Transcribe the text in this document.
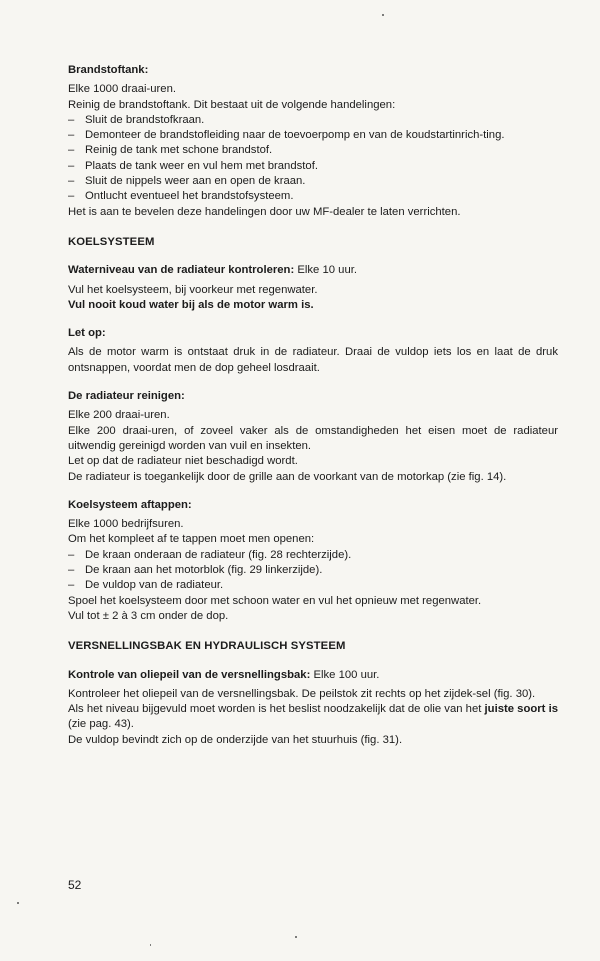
Brandstoftank:

Elke 1000 draai-uren.

Reinig de brandstoftank. Dit bestaat uit de volgende handelingen:

– Sluit de brandstofkraan.
– Demonteer de brandstofleiding naar de toevoerpomp en van de koudstartinrich-ting.
– Reinig de tank met schone brandstof.
– Plaats de tank weer en vul hem met brandstof.
– Sluit de nippels weer aan en open de kraan.
– Ontlucht eventueel het brandstofsysteem.

Het is aan te bevelen deze handelingen door uw MF-dealer te laten verrichten.

KOELSYSTEEM

Waterniveau van de radiateur kontroleren: Elke 10 uur.

Vul het koelsysteem, bij voorkeur met regenwater.

Vul nooit koud water bij als de motor warm is.

Let op:

Als de motor warm is ontstaat druk in de radiateur. Draai de vuldop iets los en laat de druk ontsnappen, voordat men de dop geheel losdraait.

De radiateur reinigen:

Elke 200 draai-uren.

Elke 200 draai-uren, of zoveel vaker als de omstandigheden het eisen moet de radiateur uitwendig gereinigd worden van vuil en insekten.

Let op dat de radiateur niet beschadigd wordt.

De radiateur is toegankelijk door de grille aan de voorkant van de motorkap (zie fig. 14).

Koelsysteem aftappen:

Elke 1000 bedrijfsuren.

Om het kompleet af te tappen moet men openen:

– De kraan onderaan de radiateur (fig. 28 rechterzijde).
– De kraan aan het motorblok (fig. 29 linkerzijde).
– De vuldop van de radiateur.

Spoel het koelsysteem door met schoon water en vul het opnieuw met regenwater.

Vul tot ± 2 à 3 cm onder de dop.

VERSNELLINGSBAK EN HYDRAULISCH SYSTEEM

Kontrole van oliepeil van de versnellingsbak: Elke 100 uur.

Kontroleer het oliepeil van de versnellingsbak. De peilstok zit rechts op het zijdek-sel (fig. 30).

Als het niveau bijgevuld moet worden is het beslist noodzakelijk dat de olie van het juiste soort is (zie pag. 43).

De vuldop bevindt zich op de onderzijde van het stuurhuis (fig. 31).

52
